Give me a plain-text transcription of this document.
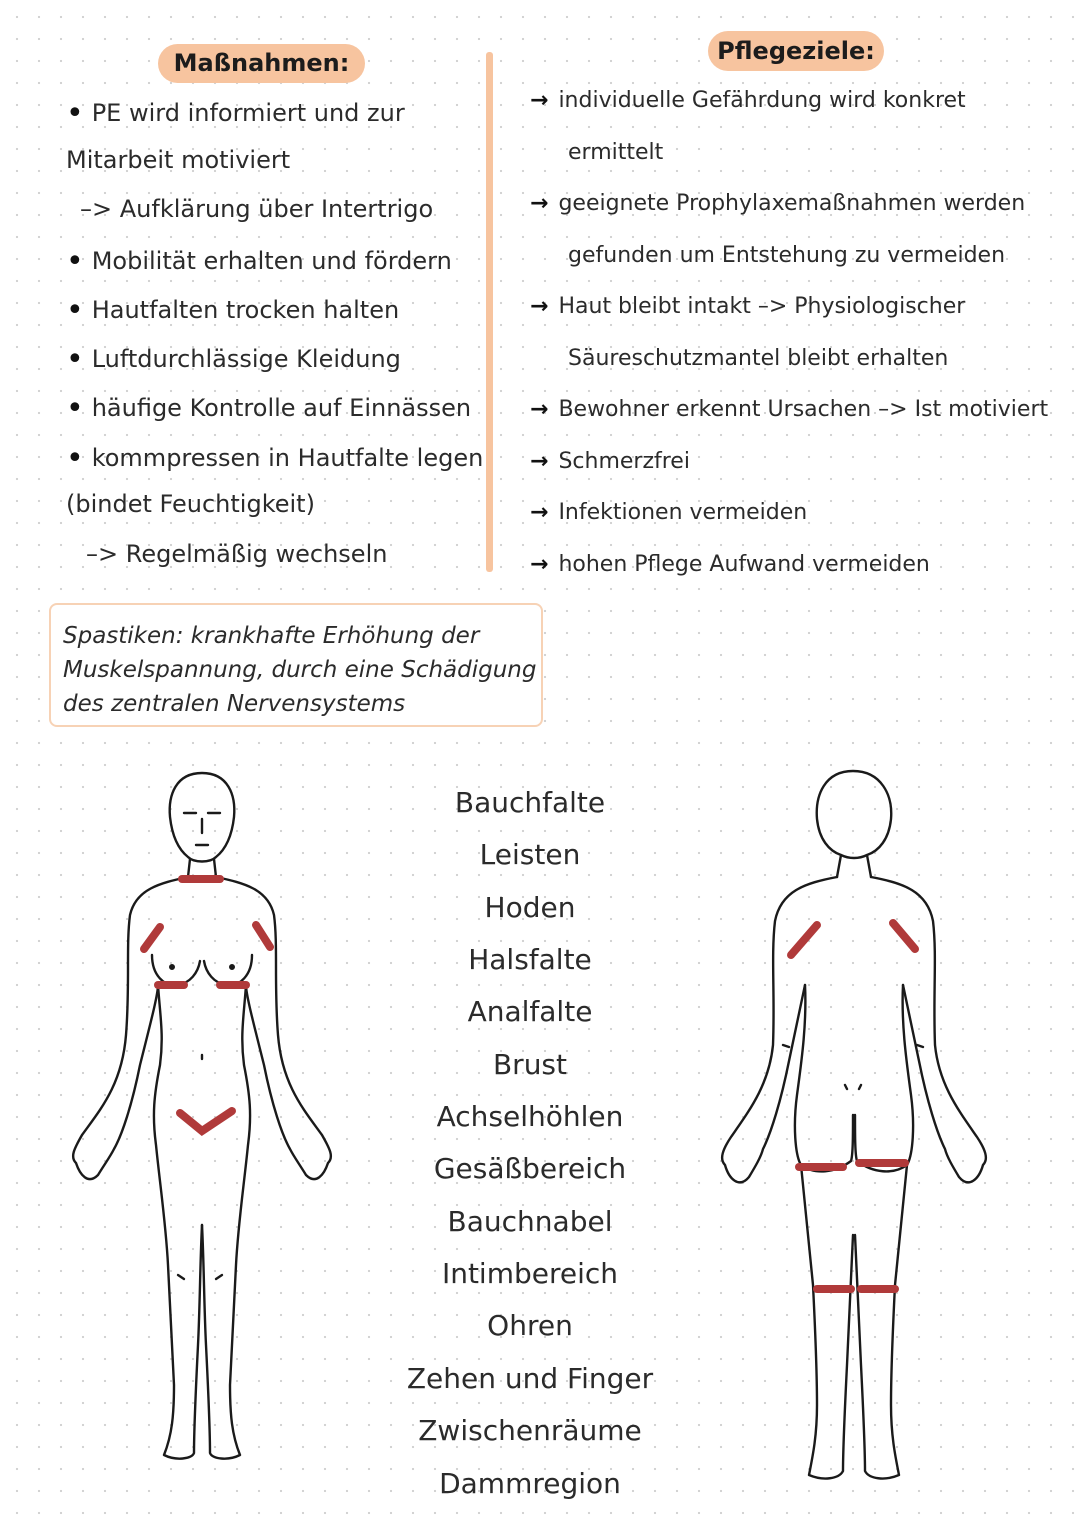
Maßnahmen:
• PE wird informiert und zur
Mitarbeit motiviert
–> Aufklärung über Intertrigo
• Mobilität erhalten und fördern
• Hautfalten trocken halten
• Luftdurchlässige Kleidung
• häufige Kontrolle auf Einnässen
• kommpressen in Hautfalte legen
(bindet Feuchtigkeit)
–> Regelmäßig wechseln
Pflegeziele:
→ individuelle Gefährdung wird konkret
ermittelt
→ geeignete Prophylaxemaßnahmen werden
gefunden um Entstehung zu vermeiden
→ Haut bleibt intakt –> Physiologischer
Säureschutzmantel bleibt erhalten
→ Bewohner erkennt Ursachen –> Ist motiviert
→ Schmerzfrei
→ Infektionen vermeiden
→ hohen Pflege Aufwand vermeiden
Spastiken: krankhafte Erhöhung der
Muskelspannung, durch eine Schädigung
des zentralen Nervensystems
Bauchfalte
Leisten
Hoden
Halsfalte
Analfalte
Brust
Achselhöhlen
Gesäßbereich
Bauchnabel
Intimbereich
Ohren
Zehen und Finger
Zwischenräume
Dammregion
